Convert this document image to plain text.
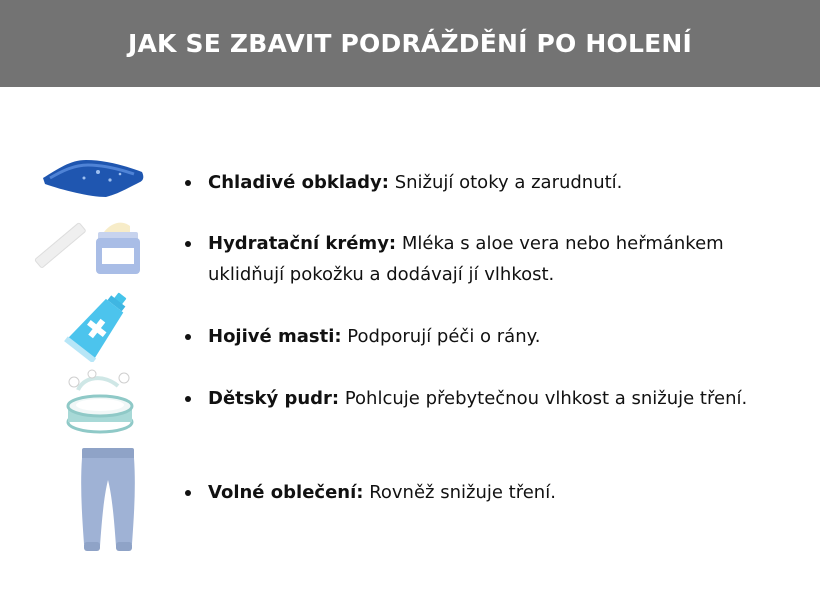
JAK SE ZBAVIT PODRÁŽDĚNÍ PO HOLENÍ
Chladivé obklady: Snižují otoky a zarudnutí.
Hydratační krémy: Mléka s aloe vera nebo heřmánkem uklidňují pokožku a dodávají jí vlhkost.
Hojivé masti: Podporují péči o rány.
Dětský pudr: Pohlcuje přebytečnou vlhkost a snižuje tření.
Volné oblečení: Rovněž snižuje tření.
